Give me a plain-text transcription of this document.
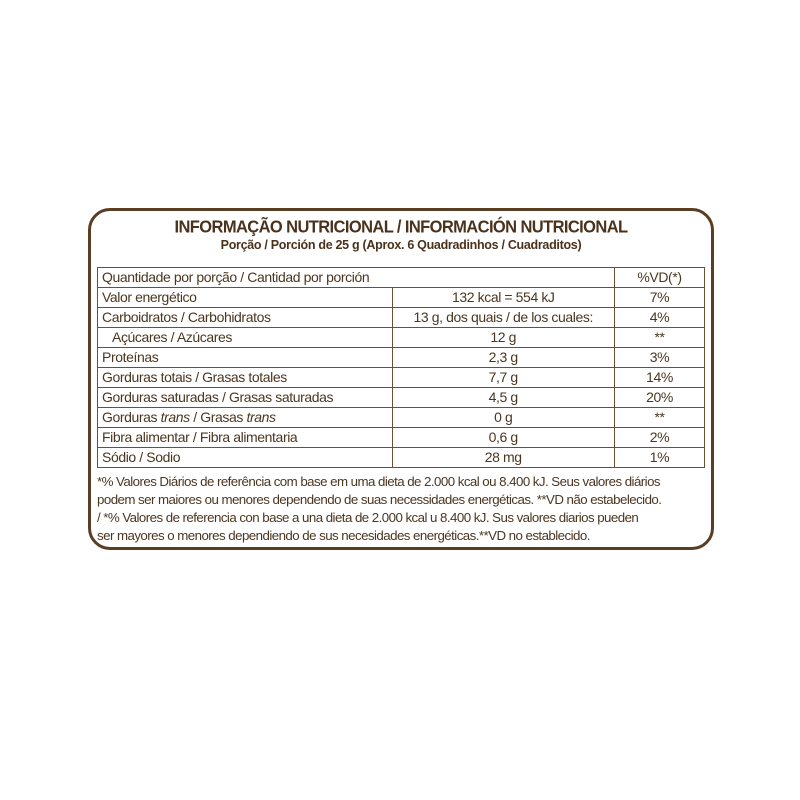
INFORMAÇÃO NUTRICIONAL / INFORMACIÓN NUTRICIONAL
Porção / Porción de 25 g (Aprox. 6 Quadradinhos / Cuadraditos)
Quantidade por porção / Cantidad por porción		%VD(*)
Valor energético	132 kcal = 554 kJ	7%
Carboidratos / Carbohidratos	13 g, dos quais / de los cuales:	4%
Açúcares / Azúcares	12 g	**
Proteínas	2,3 g	3%
Gorduras totais / Grasas totales	7,7 g	14%
Gorduras saturadas / Grasas saturadas	4,5 g	20%
Gorduras trans / Grasas trans	0 g	**
Fibra alimentar / Fibra alimentaria	0,6 g	2%
Sódio / Sodio	28 mg	1%
*% Valores Diários de referência com base em uma dieta de 2.000 kcal ou 8.400 kJ. Seus valores diários
podem ser maiores ou menores dependendo de suas necessidades energéticas. **VD não estabelecido.
/ *% Valores de referencia con base a una dieta de 2.000 kcal u 8.400 kJ. Sus valores diarios pueden
ser mayores o menores dependiendo de sus necesidades energéticas.**VD no establecido.
